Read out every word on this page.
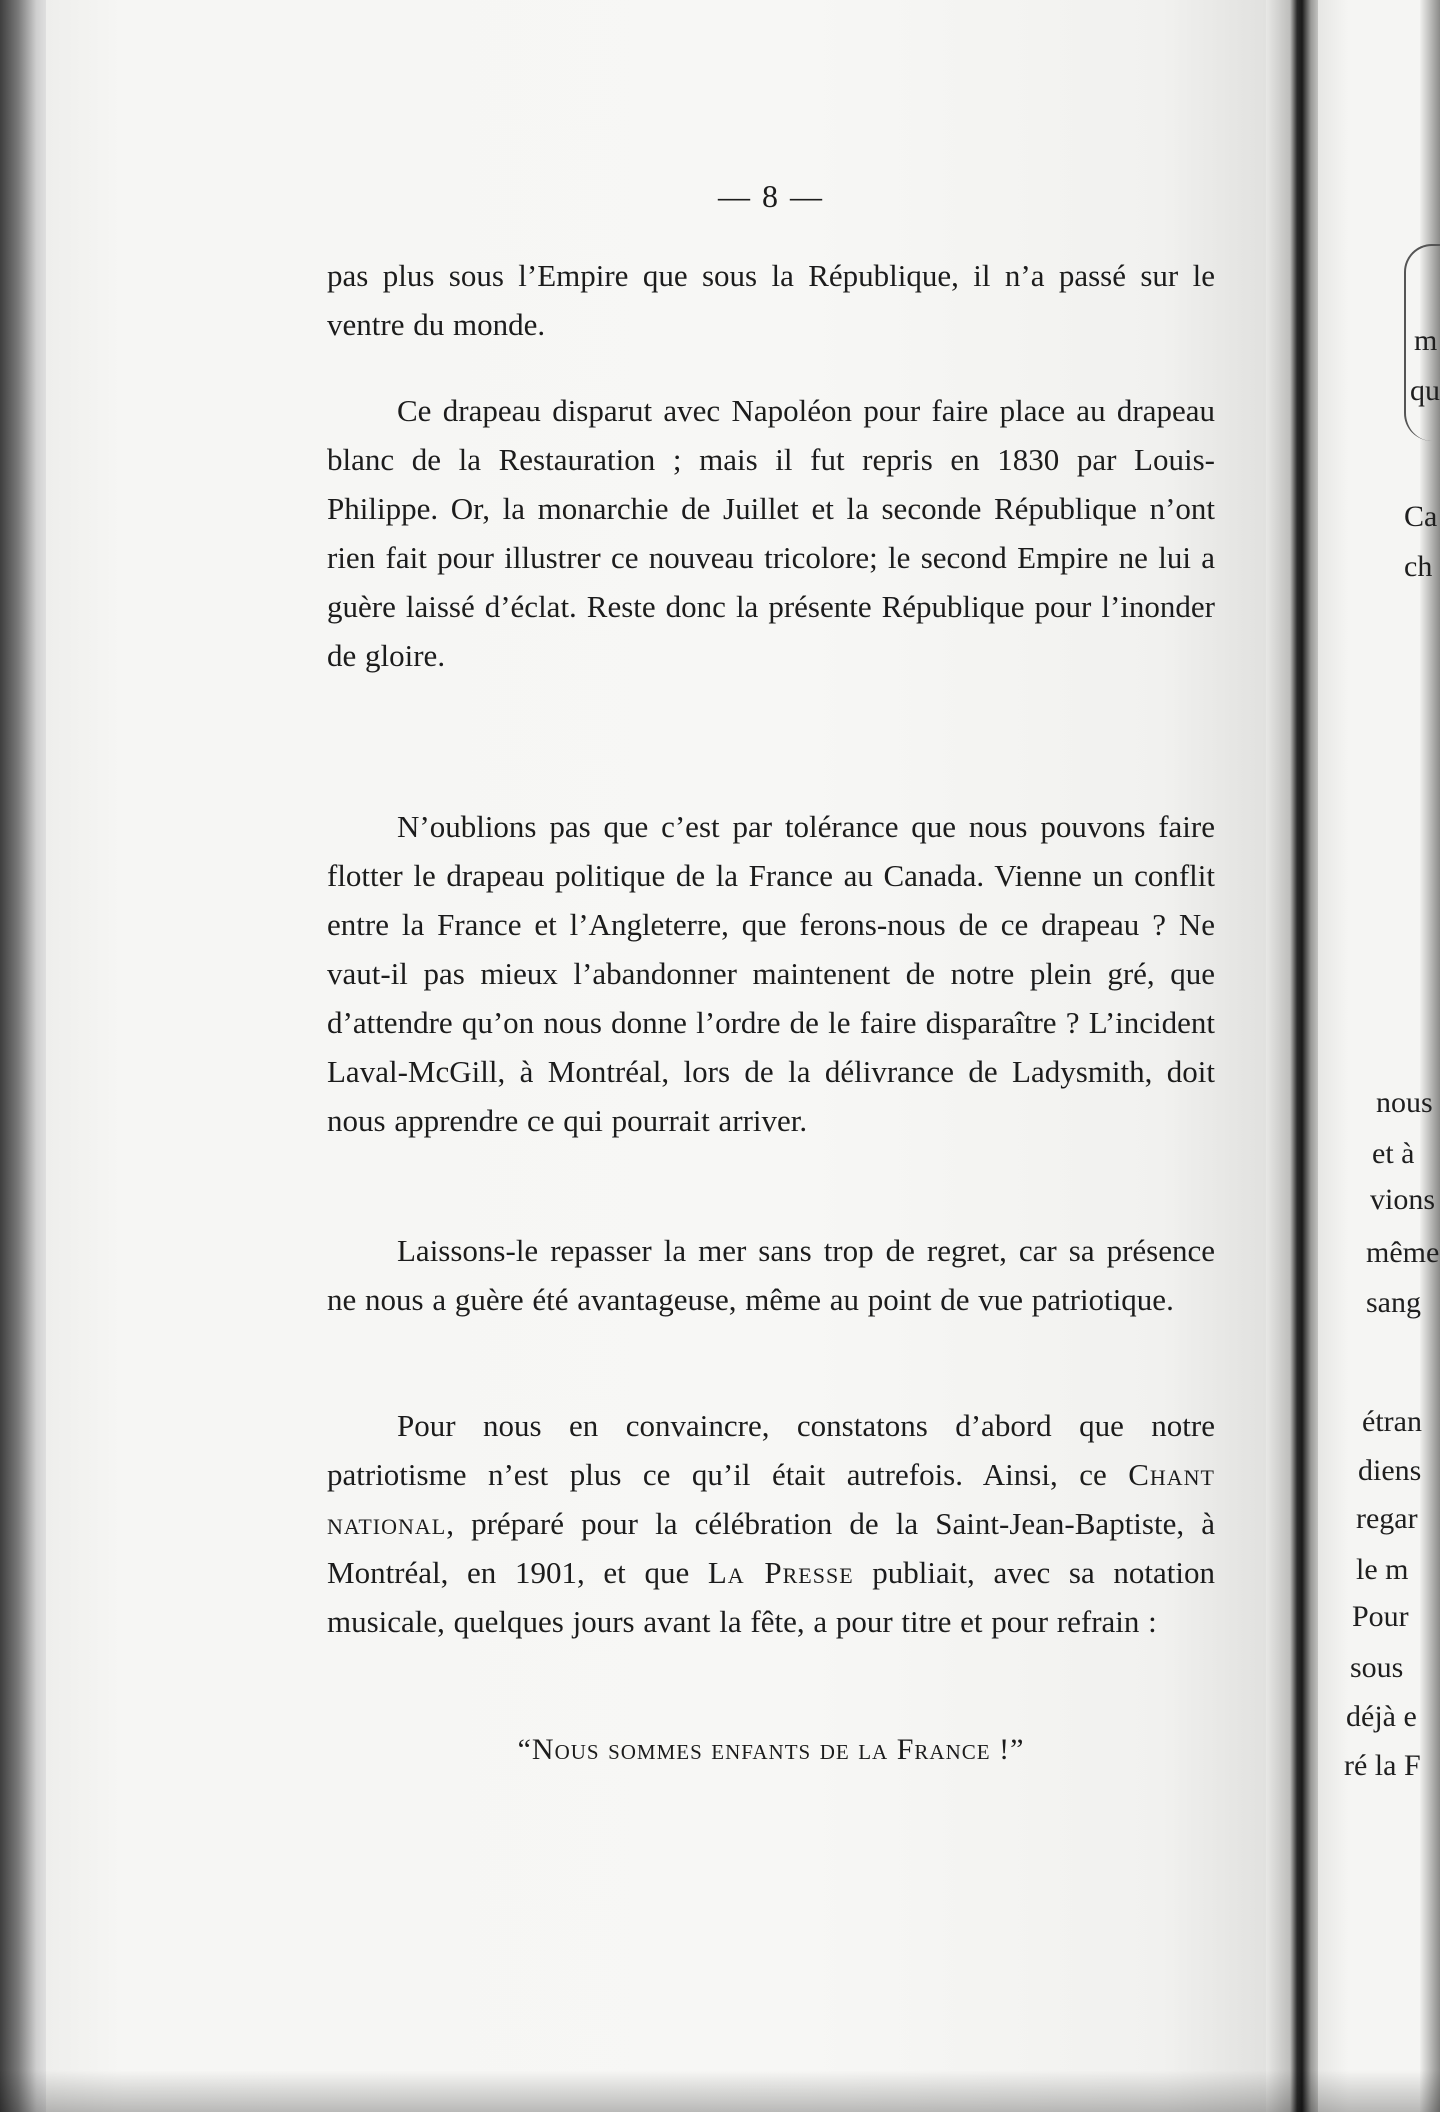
— 8 —

pas plus sous l’Empire que sous la République, il n’a passé sur le ventre du monde.

Ce drapeau disparut avec Napoléon pour faire place au drapeau blanc de la Restauration ; mais il fut repris en 1830 par Louis-Philippe. Or, la monarchie de Juillet et la seconde République n’ont rien fait pour illustrer ce nouveau tricolore; le second Empire ne lui a guère laissé d’éclat. Reste donc la présente République pour l’inonder de gloire.

N’oublions pas que c’est par tolérance que nous pouvons faire flotter le drapeau politique de la France au Canada. Vienne un conflit entre la France et l’Angleterre, que ferons-nous de ce drapeau ? Ne vaut-il pas mieux l’abandonner maintenent de notre plein gré, que d’attendre qu’on nous donne l’ordre de le faire disparaître ? L’incident Laval-McGill, à Montréal, lors de la délivrance de Ladysmith, doit nous apprendre ce qui pourrait arriver.

Laissons-le repasser la mer sans trop de regret, car sa présence ne nous a guère été avantageuse, même au point de vue patriotique.

Pour nous en convaincre, constatons d’abord que notre patriotisme n’est plus ce qu’il était autrefois. Ainsi, ce Chant national, préparé pour la célébration de la Saint-Jean-Baptiste, à Montréal, en 1901, et que La Presse publiait, avec sa notation musicale, quelques jours avant la fête, a pour titre et pour refrain :

“Nous sommes enfants de la France !”
m
qu
Ca
ch
nous
et à
vions
même
sang
étran
diens
regar
le m
Pour
sous
déjà e
ré la F
